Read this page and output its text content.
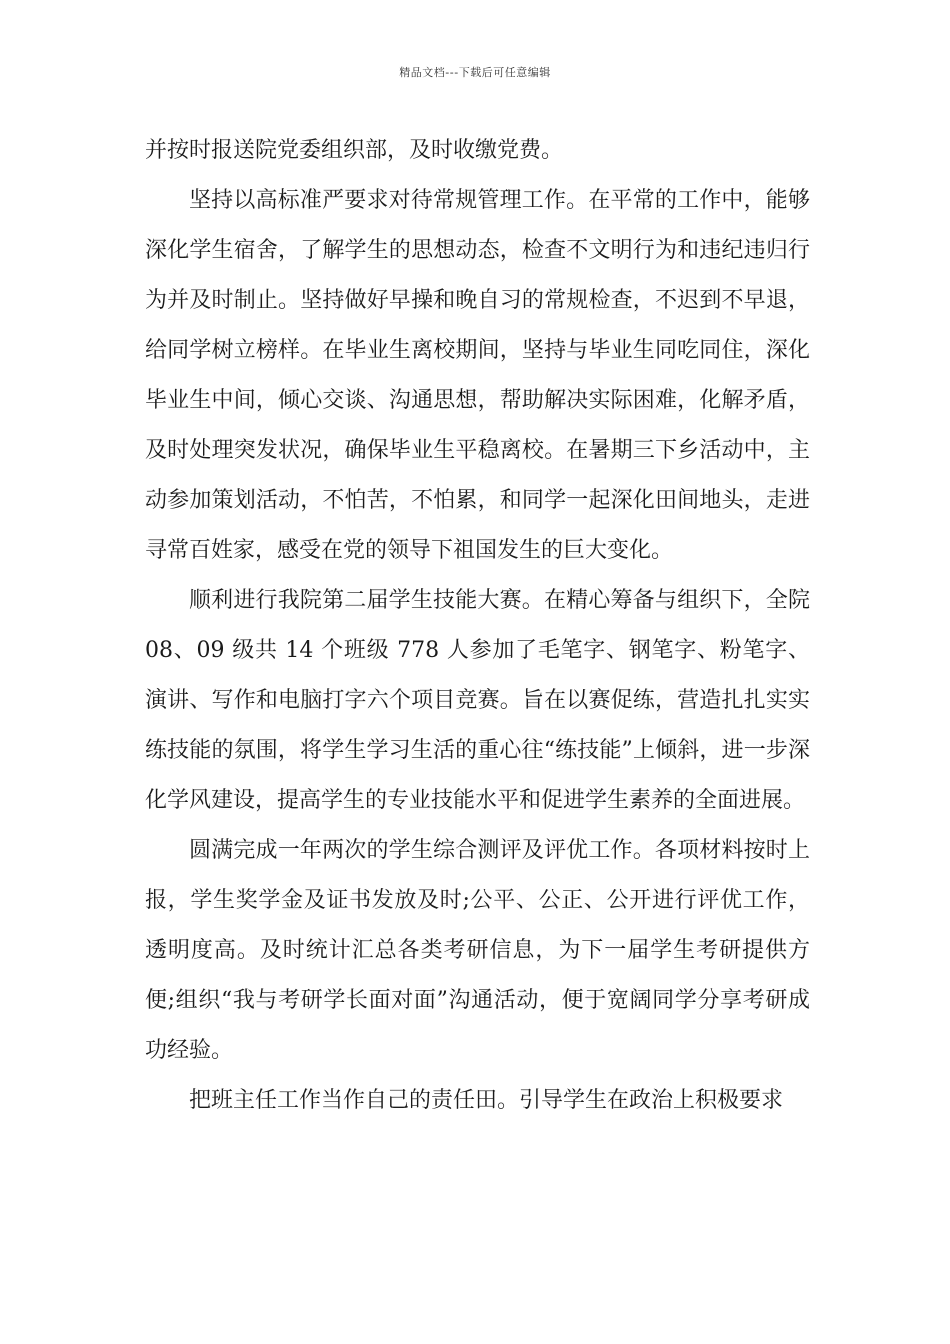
精品文档---下载后可任意编辑

并按时报送院党委组织部，及时收缴党费。

坚持以高标准严要求对待常规管理工作。在平常的工作中，能够深化学生宿舍，了解学生的思想动态，检查不文明行为和违纪违归行为并及时制止。坚持做好早操和晚自习的常规检查，不迟到不早退，给同学树立榜样。在毕业生离校期间，坚持与毕业生同吃同住，深化毕业生中间，倾心交谈、沟通思想，帮助解决实际困难，化解矛盾，及时处理突发状况，确保毕业生平稳离校。在暑期三下乡活动中，主动参加策划活动，不怕苦，不怕累，和同学一起深化田间地头，走进寻常百姓家，感受在党的领导下祖国发生的巨大变化。

顺利进行我院第二届学生技能大赛。在精心筹备与组织下，全院 08、09 级共 14 个班级 778 人参加了毛笔字、钢笔字、粉笔字、演讲、写作和电脑打字六个项目竞赛。旨在以赛促练，营造扎扎实实练技能的氛围，将学生学习生活的重心往“练技能”上倾斜，进一步深化学风建设，提高学生的专业技能水平和促进学生素养的全面进展。

圆满完成一年两次的学生综合测评及评优工作。各项材料按时上报，学生奖学金及证书发放及时;公平、公正、公开进行评优工作，透明度高。及时统计汇总各类考研信息，为下一届学生考研提供方便;组织“我与考研学长面对面”沟通活动，便于宽阔同学分享考研成功经验。

把班主任工作当作自己的责任田。引导学生在政治上积极要求
